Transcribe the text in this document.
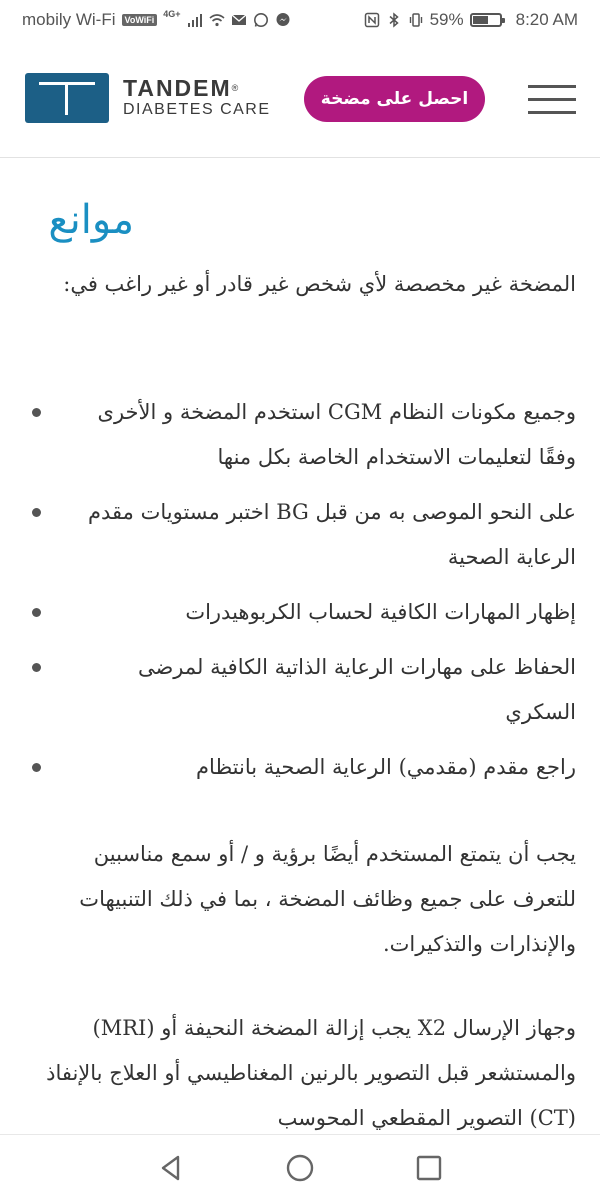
mobily Wi-Fi	VoWiFi
4G+	59%	8:20 AM
TANDEM®
DIABETES CARE
احصل على مضخة
موانع
المضخة غير مخصصة لأي شخص غير قادر أو غير راغب في:
وجميع مكونات النظام CGM استخدم المضخة و الأخرى وفقًا لتعليمات الاستخدام الخاصة بكل منها
على النحو الموصى به من قبل BG اختبر مستويات مقدم الرعاية الصحية
إظهار المهارات الكافية لحساب الكربوهيدرات
الحفاظ على مهارات الرعاية الذاتية الكافية لمرضى السكري
راجع مقدم (مقدمي) الرعاية الصحية بانتظام
يجب أن يتمتع المستخدم أيضًا برؤية و / أو سمع مناسبين للتعرف على جميع وظائف المضخة ، بما في ذلك التنبيهات والإنذارات والتذكيرات.
وجهاز الإرسال X2 يجب إزالة المضخة النحيفة أو (MRI) والمستشعر قبل التصوير بالرنين المغناطيسي أو العلاج بالإنفاذ (CT) التصوير المقطعي المحوسب
